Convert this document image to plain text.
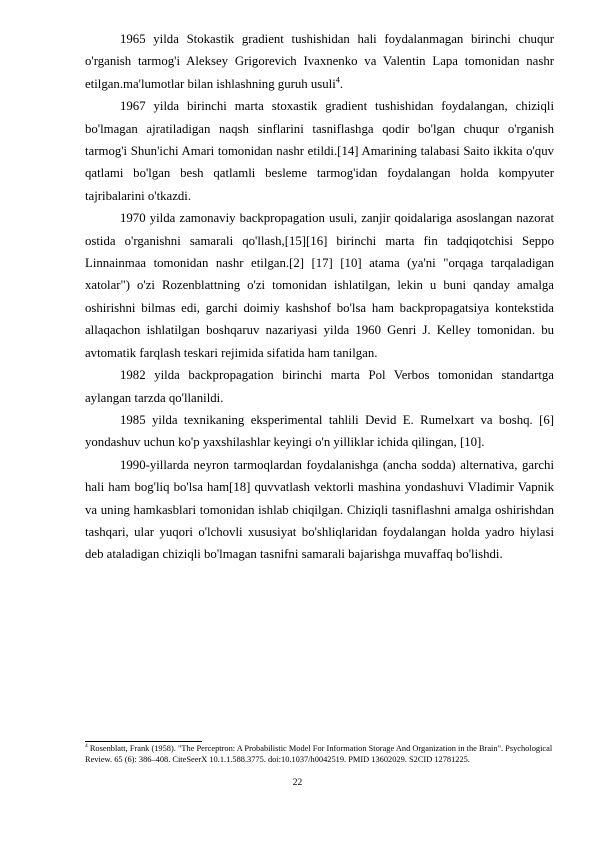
1965 yilda Stokastik gradient tushishidan hali foydalanmagan birinchi chuqur o'rganish tarmog'i Aleksey Grigorevich Ivaxnenko va Valentin Lapa tomonidan nashr etilgan.ma'lumotlar bilan ishlashning guruh usuli$^4$.

1967 yilda birinchi marta stoxastik gradient tushishidan foydalangan, chiziqli bo'lmagan ajratiladigan naqsh sinflarini tasniflashga qodir bo'lgan chuqur o'rganish tarmog'i Shun'ichi Amari tomonidan nashr etildi.[14] Amarining talabasi Saito ikkita o'quv qatlami bo'lgan besh qatlamli besleme tarmog'idan foydalangan holda kompyuter tajribalarini o'tkazdi.

1970 yilda zamonaviy backpropagation usuli, zanjir qoidalariga asoslangan nazorat ostida o'rganishni samarali qo'llash,[15][16] birinchi marta fin tadqiqotchisi Seppo Linnainmaa tomonidan nashr etilgan.[2] [17] [10] atama (ya'ni "orqaga tarqaladigan xatolar") o'zi Rozenblattning o'zi tomonidan ishlatilgan, lekin u buni qanday amalga oshirishni bilmas edi, garchi doimiy kashshof bo'lsa ham backpropagatsiya kontekstida allaqachon ishlatilgan boshqaruv nazariyasi yilda 1960 Genri J. Kelley tomonidan. bu avtomatik farqlash teskari rejimida sifatida ham tanilgan.

1982 yilda backpropagation birinchi marta Pol Verbos tomonidan standartga aylangan tarzda qo'llanildi.

1985 yilda texnikaning eksperimental tahlili Devid E. Rumelxart va boshq. [6] yondashuv uchun ko'p yaxshilashlar keyingi o'n yilliklar ichida qilingan, [10].

1990-yillarda neyron tarmoqlardan foydalanishga (ancha sodda) alternativa, garchi hali ham bog'liq bo'lsa ham[18] quvvatlash vektorli mashina yondashuvi Vladimir Vapnik va uning hamkasblari tomonidan ishlab chiqilgan. Chiziqli tasniflashni amalga oshirishdan tashqari, ular yuqori o'lchovli xususiyat bo'shliqlaridan foydalangan holda yadro hiylasi deb ataladigan chiziqli bo'lmagan tasnifni samarali bajarishga muvaffaq bo'lishdi.

$^4$ Rosenblatt, Frank (1958). "The Perceptron: A Probabilistic Model For Information Storage And Organization in the Brain". Psychological Review. 65 (6): 386–408. CiteSeerX 10.1.1.588.3775. doi:10.1037/h0042519. PMID 13602029. S2CID 12781225.
22
